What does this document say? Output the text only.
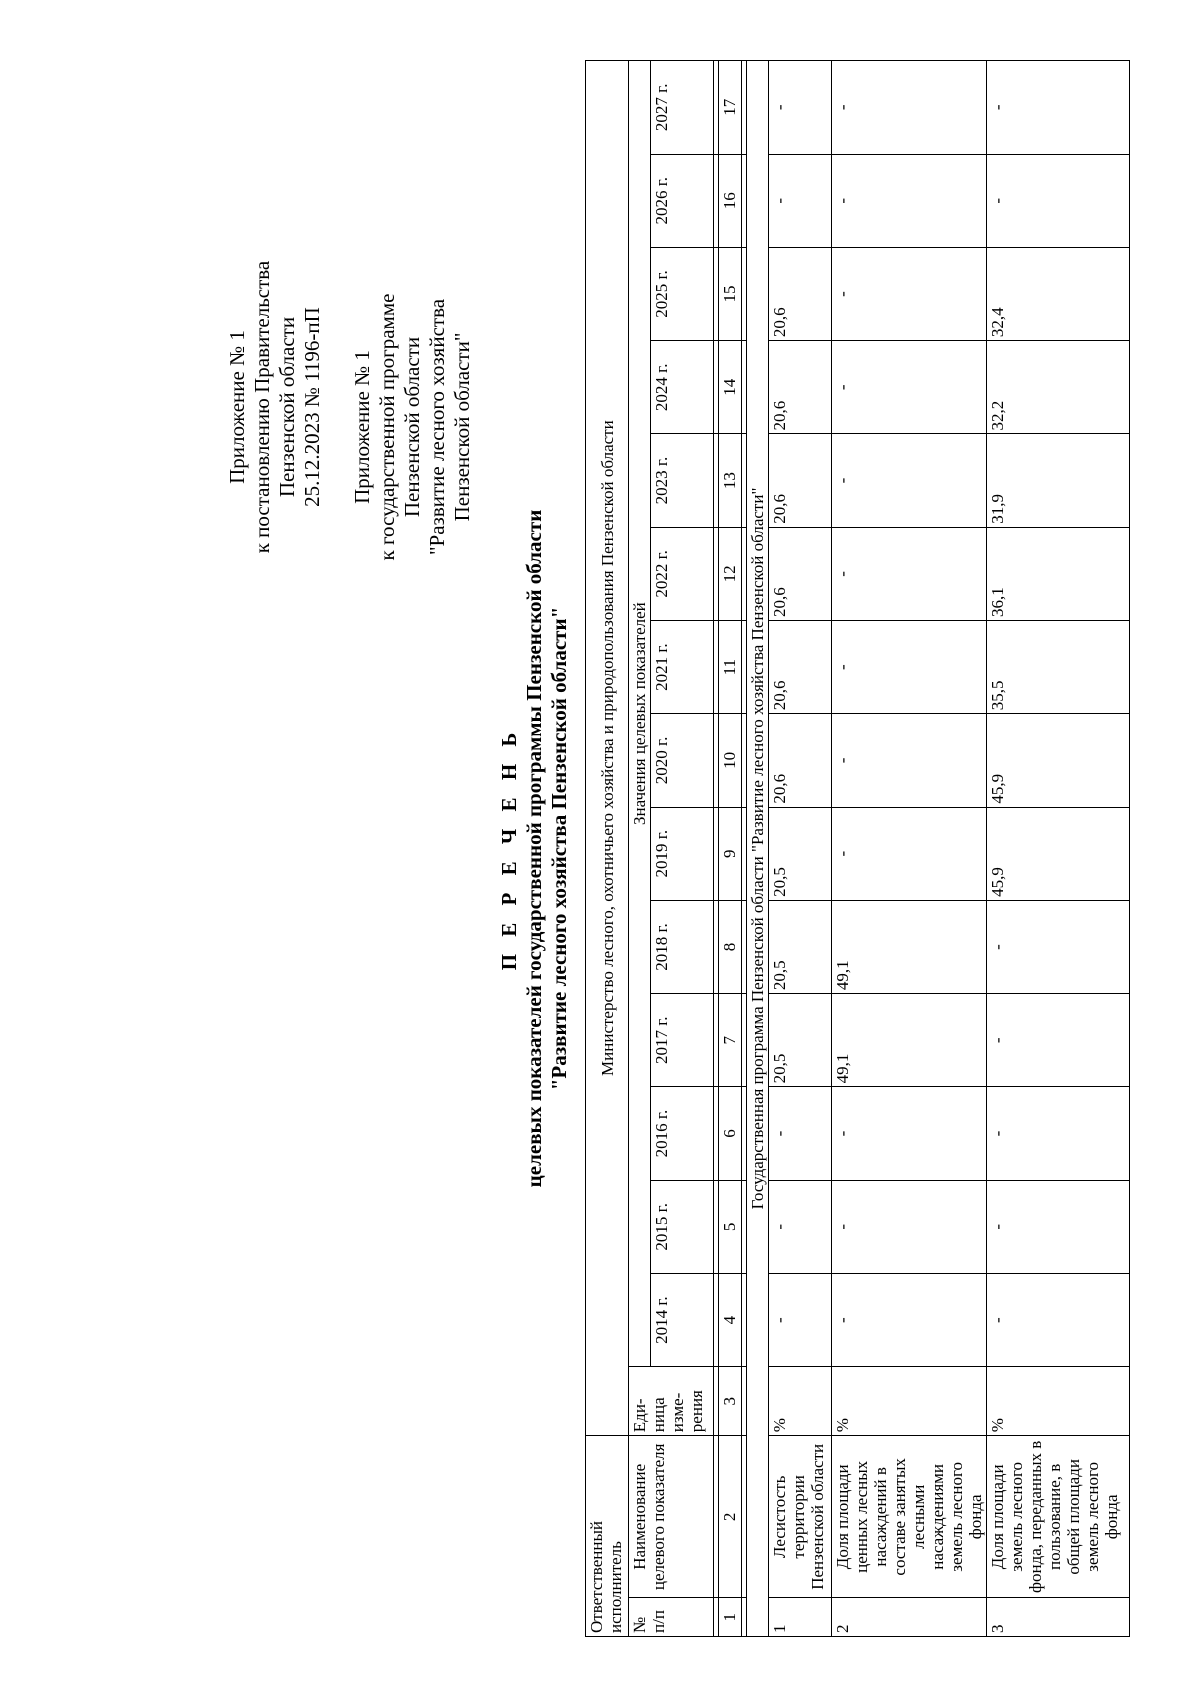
Приложение № 1 к постановлению Правительства Пензенской области 25.12.2023 № 1196-пП Приложение № 1 к государственной программе Пензенской области "Развитие лесного хозяйства Пензенской области"
П Е Р Е Ч Е Н Ь целевых показателей государственной программы Пензенской области "Развитие лесного хозяйства Пензенской области"
Ответственный исполнитель		Министерство лесного, охотничьего хозяйства и природопользования Пензенской области														
№ п/п	Наименование целевого показателя	Еди-ница изме-рения	Значения целевых показателей													
			2014 г.	2015 г.	2016 г.	2017 г.	2018 г.	2019 г.	2020 г.	2021 г.	2022 г.	2023 г.	2024 г.	2025 г.	2026 г.	2027 г.

1	2	3	4	5	6	7	8	9	10	11	12	13	14	15	16	17

Государственная программа Пензенской области "Развитие лесного хозяйства Пензенской области"																
1	Лесистость территории Пензенской области	%	-	-	-	20,5	20,5	20,5	20,6	20,6	20,6	20,6	20,6	20,6	-	-
2	Доля площади ценных лесных насаждений в составе занятых лесными насаждениями земель лесного фонда	%	-	-	-	49,1	49,1	-	-	-	-	-	-	-	-	-
3	Доля площади земель лесного фонда, переданных в пользование, в общей площади земель лесного фонда	%	-	-	-	-	-	45,9	45,9	35,5	36,1	31,9	32,2	32,4	-	-
